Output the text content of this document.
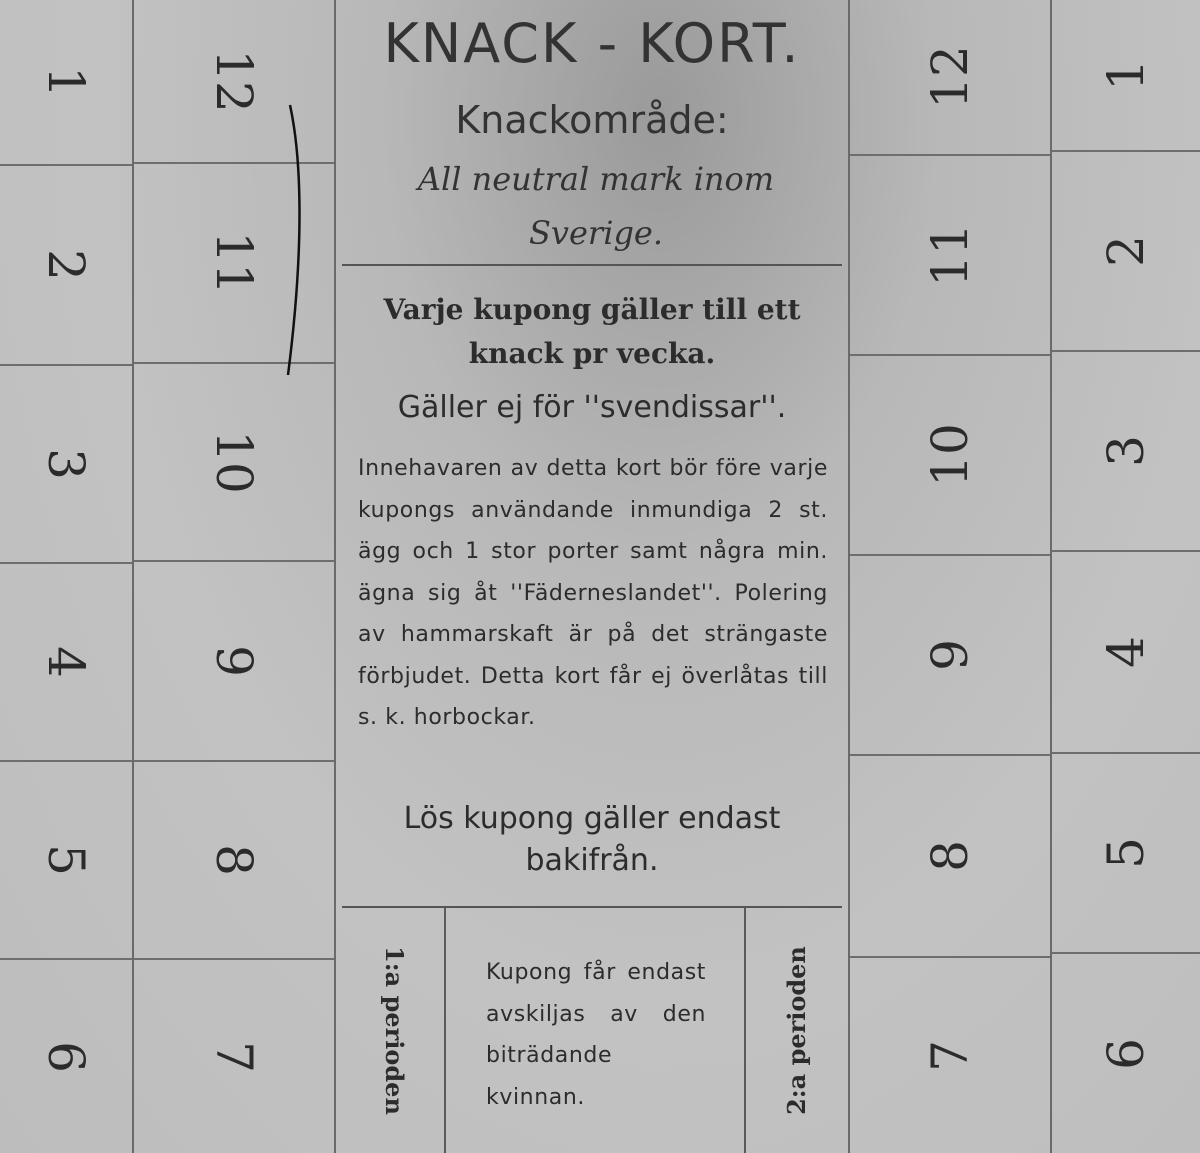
1
2
3
4
5
6
12
11
10
9
8
7
KNACK - KORT.
Knackområde:
All neutral mark inom Sverige.
Varje kupong gäller till ett knack pr vecka.
Gäller ej för ''svendissar''.
Innehavaren av detta kort bör före varje kupongs användande inmundiga 2 st. ägg och 1 stor porter samt några min. ägna sig åt ''Fäderneslandet''. Polering av hammarskaft är på det strängaste förbjudet. Detta kort får ej överlåtas till s. k. horbockar.
Lös kupong gäller endast bakifrån.
1:a perioden	Kupong får endast avskiljas av den biträdande kvinnan.	2:a perioden
12
11
10
9
8
7
1
2
3
4
5
6
